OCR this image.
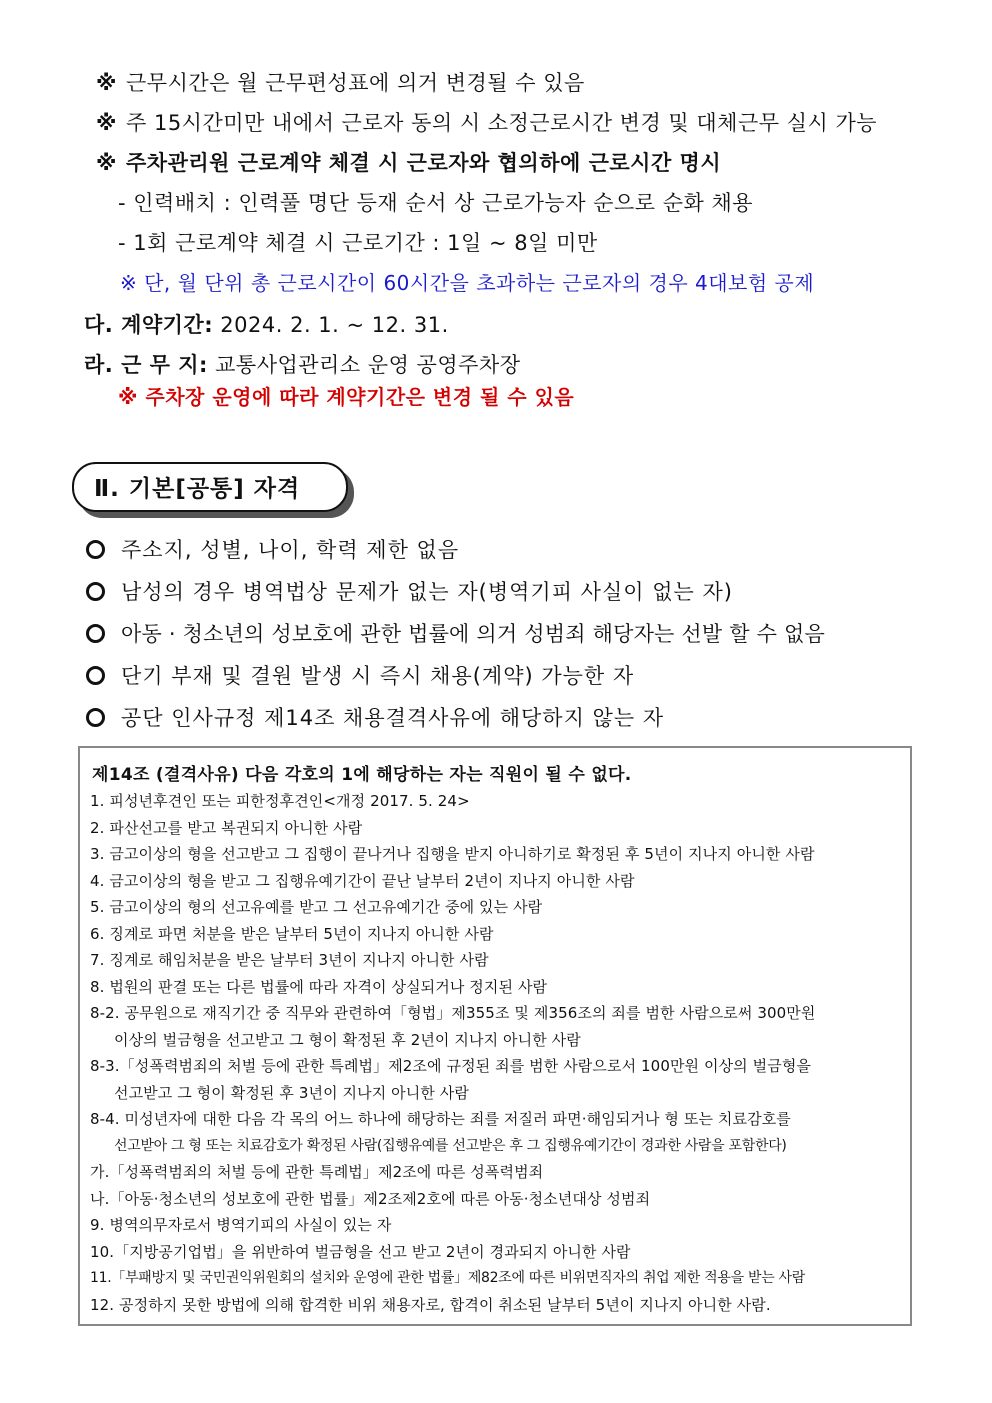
※ 근무시간은 월 근무편성표에 의거 변경될 수 있음
※ 주 15시간미만 내에서 근로자 동의 시 소정근로시간 변경 및 대체근무 실시 가능
※ 주차관리원 근로계약 체결 시 근로자와 협의하에 근로시간 명시
- 인력배치 : 인력풀 명단 등재 순서 상 근로가능자 순으로 순화 채용
- 1회 근로계약 체결 시 근로기간 : 1일 ~ 8일 미만
※ 단, 월 단위 총 근로시간이 60시간을 초과하는 근로자의 경우 4대보험 공제
다. 계약기간: 2024. 2. 1. ~ 12. 31.
라. 근 무 지: 교통사업관리소 운영 공영주차장
※ 주차장 운영에 따라 계약기간은 변경 될 수 있음
Ⅱ. 기본[공통] 자격
주소지, 성별, 나이, 학력 제한 없음
남성의 경우 병역법상 문제가 없는 자(병역기피 사실이 없는 자)
아동 · 청소년의 성보호에 관한 법률에 의거 성범죄 해당자는 선발 할 수 없음
단기 부재 및 결원 발생 시 즉시 채용(계약) 가능한 자
공단 인사규정 제14조 채용결격사유에 해당하지 않는 자
제14조 (결격사유) 다음 각호의 1에 해당하는 자는 직원이 될 수 없다.
1. 피성년후견인 또는 피한정후견인<개정 2017. 5. 24>
2. 파산선고를 받고 복권되지 아니한 사람
3. 금고이상의 형을 선고받고 그 집행이 끝나거나 집행을 받지 아니하기로 확정된 후 5년이 지나지 아니한 사람
4. 금고이상의 형을 받고 그 집행유예기간이 끝난 날부터 2년이 지나지 아니한 사람
5. 금고이상의 형의 선고유예를 받고 그 선고유예기간 중에 있는 사람
6. 징계로 파면 처분을 받은 날부터 5년이 지나지 아니한 사람
7. 징계로 해임처분을 받은 날부터 3년이 지나지 아니한 사람
8. 법원의 판결 또는 다른 법률에 따라 자격이 상실되거나 정지된 사람
8-2. 공무원으로 재직기간 중 직무와 관련하여「형법」제355조 및 제356조의 죄를 범한 사람으로써 300만원
이상의 벌금형을 선고받고 그 형이 확정된 후 2년이 지나지 아니한 사람
8-3.「성폭력범죄의 처벌 등에 관한 특례법」제2조에 규정된 죄를 범한 사람으로서 100만원 이상의 벌금형을
선고받고 그 형이 확정된 후 3년이 지나지 아니한 사람
8-4. 미성년자에 대한 다음 각 목의 어느 하나에 해당하는 죄를 저질러 파면·해임되거나 형 또는 치료감호를
선고받아 그 형 또는 치료감호가 확정된 사람(집행유예를 선고받은 후 그 집행유예기간이 경과한 사람을 포함한다)
가.「성폭력범죄의 처벌 등에 관한 특례법」제2조에 따른 성폭력범죄
나.「아동·청소년의 성보호에 관한 법률」제2조제2호에 따른 아동·청소년대상 성범죄
9. 병역의무자로서 병역기피의 사실이 있는 자
10.「지방공기업법」을 위반하여 벌금형을 선고 받고 2년이 경과되지 아니한 사람
11.「부패방지 및 국민권익위원회의 설치와 운영에 관한 법률」제82조에 따른 비위면직자의 취업 제한 적용을 받는 사람
12. 공정하지 못한 방법에 의해 합격한 비위 채용자로, 합격이 취소된 날부터 5년이 지나지 아니한 사람.
